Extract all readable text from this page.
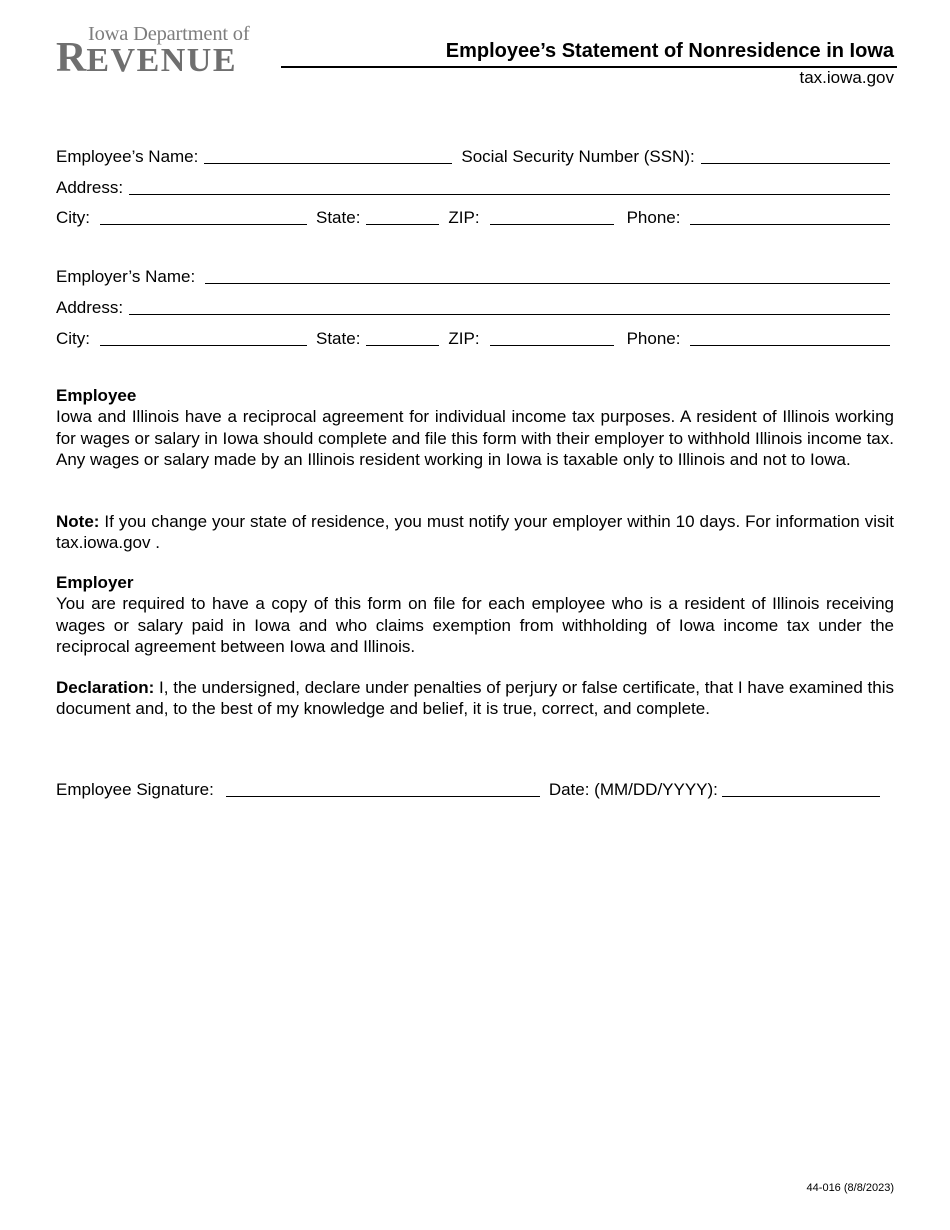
Iowa Department of
REVENUE	Employee’s Statement of Nonresidence in Iowa
tax.iowa.gov
Employee’s Name:	Social Security Number (SSN):
Address:
City:	State:	ZIP:	Phone:
Employer’s Name:
Address:
City:	State:	ZIP:	Phone:
Employee
Iowa and Illinois have a reciprocal agreement for individual income tax purposes. A resident of Illinois working for wages or salary in Iowa should complete and file this form with their employer to withhold Illinois income tax. Any wages or salary made by an Illinois resident working in Iowa is taxable only to Illinois and not to Iowa.
Note: If you change your state of residence, you must notify your employer within 10 days. For information visit tax.iowa.gov .
Employer
You are required to have a copy of this form on file for each employee who is a resident of Illinois receiving wages or salary paid in Iowa and who claims exemption from withholding of Iowa income tax under the reciprocal agreement between Iowa and Illinois.
Declaration: I, the undersigned, declare under penalties of perjury or false certificate, that I have examined this document and, to the best of my knowledge and belief, it is true, correct, and complete.
Employee Signature:	Date: (MM/DD/YYYY):
44-016 (8/8/2023)
